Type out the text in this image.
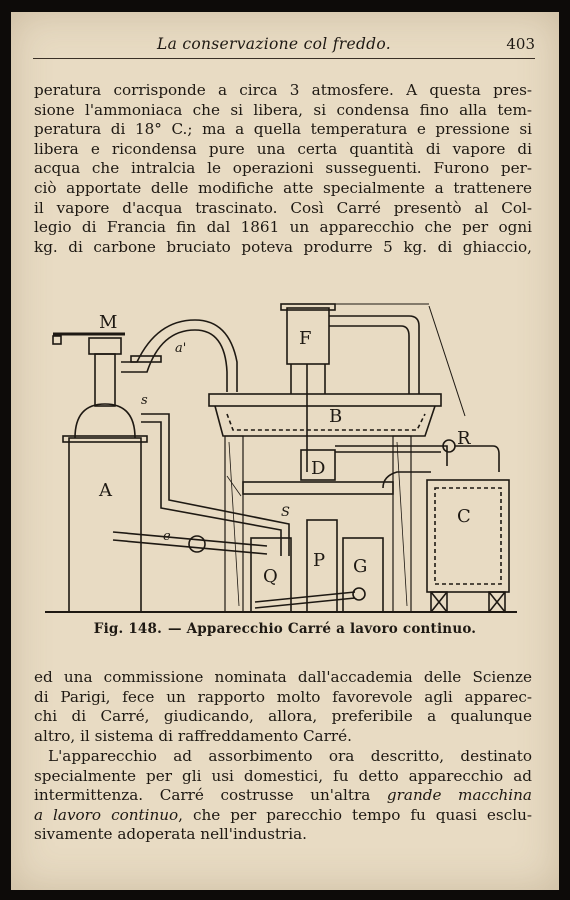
La conservazione col freddo.	403

peratura corrisponde a circa 3 atmosfere. A questa pres-
sione l'ammoniaca che si libera, si condensa fino alla tem-
peratura di 18° C.; ma a quella temperatura e pressione si
libera e ricondensa pure una certa quantità di vapore di
acqua che intralcia le operazioni susseguenti. Furono per-
ciò apportate delle modifiche atte specialmente a trattenere
il vapore d'acqua trascinato. Così Carré presentò al Col-
legio di Francia fin dal 1861 un apparecchio che per ogni
kg. di carbone bruciato poteva produrre 5 kg. di ghiaccio,

M
a'	F
B
R
A
D
C
s
e
Q
P G
S
Fig. 148. — Apparecchio Carré a lavoro continuo.

ed una commissione nominata dall'accademia delle Scienze
di Parigi, fece un rapporto molto favorevole agli apparec-
chi di Carré, giudicando, allora, preferibile a qualunque
altro, il sistema di raffreddamento Carré.

L'apparecchio ad assorbimento ora descritto, destinato
specialmente per gli usi domestici, fu detto apparecchio ad
intermittenza. Carré costrusse un'altra grande macchina
a lavoro continuo, che per parecchio tempo fu quasi esclu-
sivamente adoperata nell'industria.
